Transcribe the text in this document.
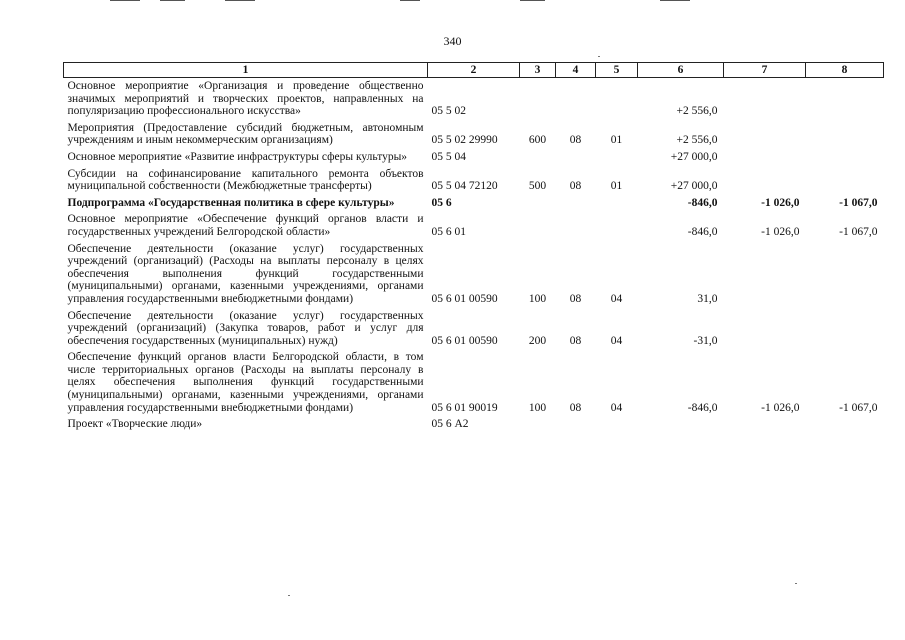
340
1	2	3	4	5	6	7	8
Основное мероприятие «Организация и проведение общественно значимых мероприятий и творческих проектов, направленных на популяризацию профессионального искусства»	05 5 02				+2 556,0		
Мероприятия (Предоставление субсидий бюджетным, автономным учреждениям и иным некоммерческим организациям)	05 5 02 29990	600	08	01	+2 556,0		
Основное мероприятие «Развитие инфраструктуры сферы культуры»	05 5 04				+27 000,0		
Субсидии на софинансирование капитального ремонта объектов муниципальной собственности (Межбюджетные трансферты)	05 5 04 72120	500	08	01	+27 000,0		
Подпрограмма «Государственная политика в сфере культуры»	05 6				-846,0	-1 026,0	-1 067,0
Основное мероприятие «Обеспечение функций органов власти и государственных учреждений Белгородской области»	05 6 01				-846,0	-1 026,0	-1 067,0
Обеспечение деятельности (оказание услуг) государственных учреждений (организаций) (Расходы на выплаты персоналу в целях обеспечения выполнения функций государственными (муниципальными) органами, казенными учреждениями, органами управления государственными внебюджетными фондами)	05 6 01 00590	100	08	04	31,0		
Обеспечение деятельности (оказание услуг) государственных учреждений (организаций) (Закупка товаров, работ и услуг для обеспечения государственных (муниципальных) нужд)	05 6 01 00590	200	08	04	-31,0		
Обеспечение функций органов власти Белгородской области, в том числе территориальных органов (Расходы на выплаты персоналу в целях обеспечения выполнения функций государственными (муниципальными) органами, казенными учреждениями, органами управления государственными внебюджетными фондами)	05 6 01 90019	100	08	04	-846,0	-1 026,0	-1 067,0
Проект «Творческие люди»	05 6 А2						
